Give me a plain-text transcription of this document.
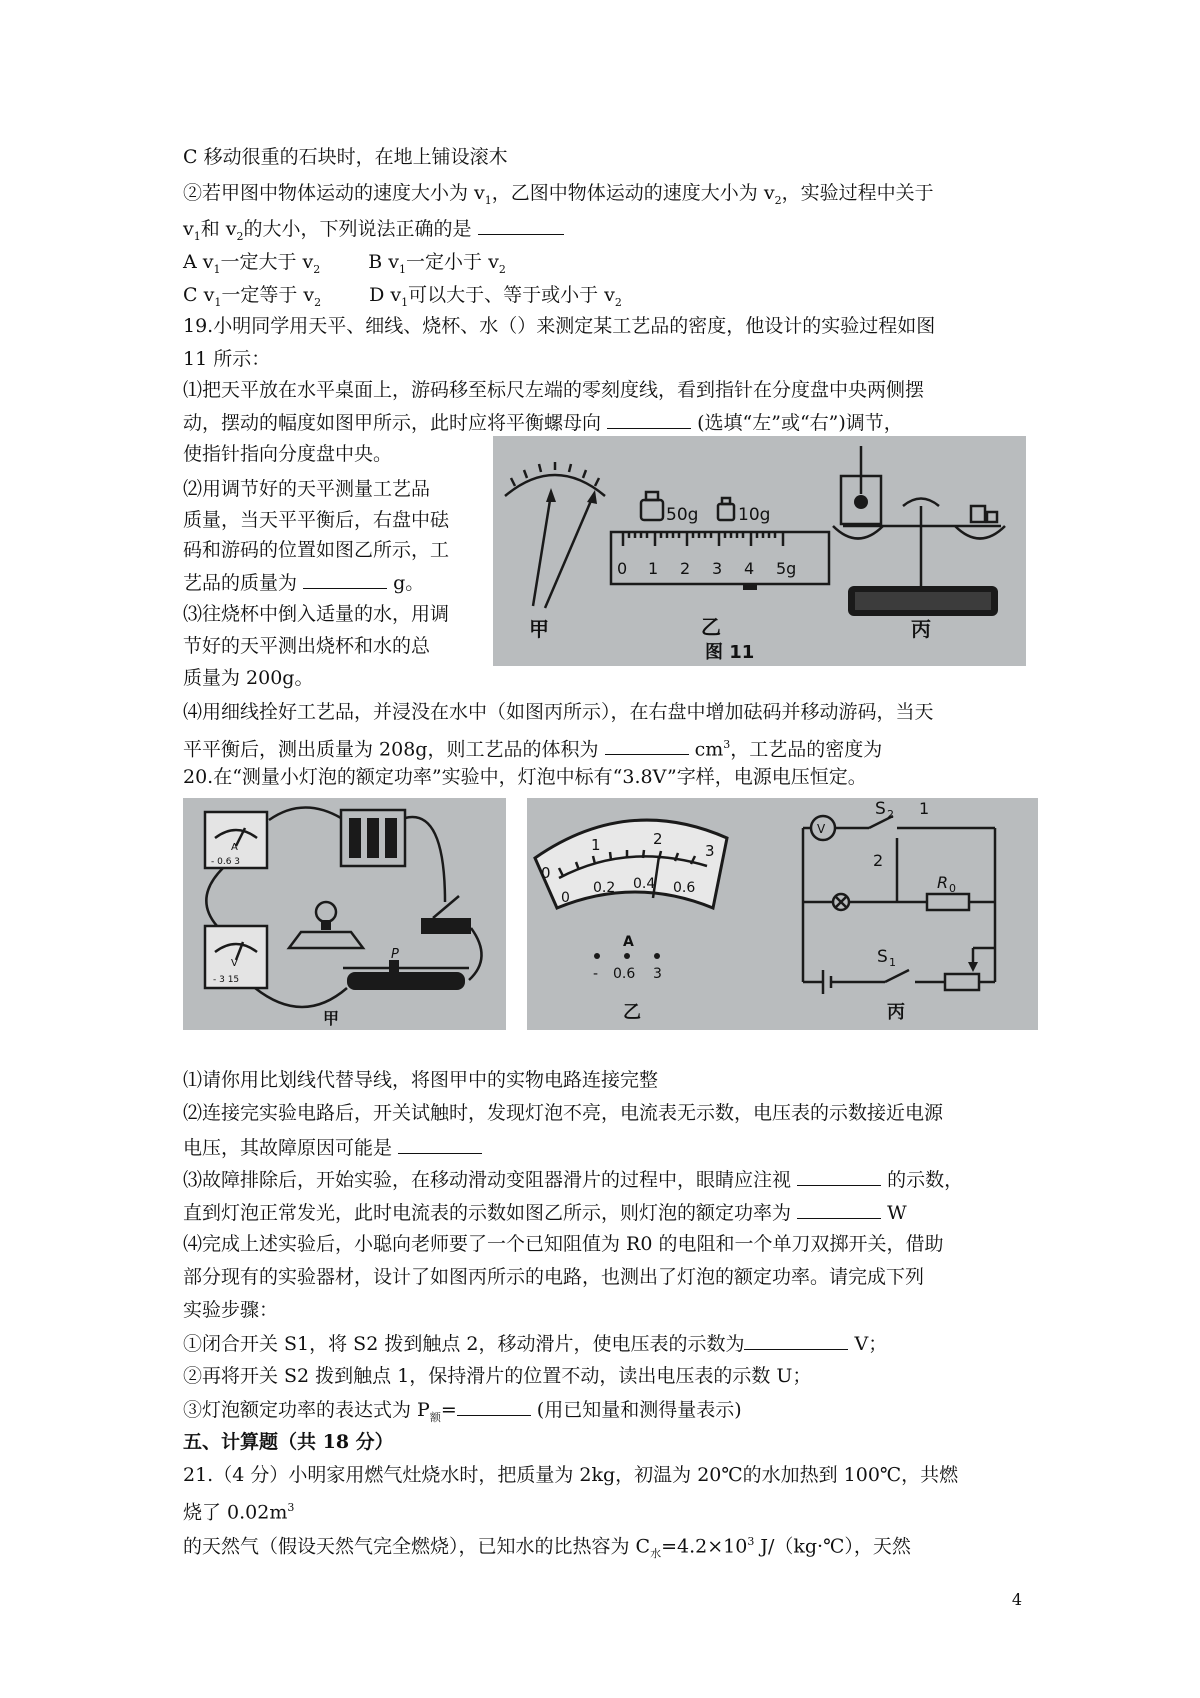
C 移动很重的石块时，在地上铺设滚木
②若甲图中物体运动的速度大小为 $v_1$，乙图中物体运动的速度大小为 $v_2$，实验过程中关于
$v_1$和 $v_2$的大小，下列说法正确的是
A $v_1$一定大于 $v_2$	B $v_1$一定小于 $v_2$
C $v_1$一定等于 $v_2$	D $v_1$可以大于、等于或小于 $v_2$
19.小明同学用天平、细线、烧杯、水（）来测定某工艺品的密度，他设计的实验过程如图
11 所示：
⑴把天平放在水平桌面上，游码移至标尺左端的零刻度线，看到指针在分度盘中央两侧摆
动，摆动的幅度如图甲所示，此时应将平衡螺母向	(选填“左”或“右”)调节，
使指针指向分度盘中央。
⑵用调节好的天平测量工艺品
质量，当天平平衡后，右盘中砝
码和游码的位置如图乙所示，工
艺品的质量为	g。
⑶往烧杯中倒入适量的水，用调
节好的天平测出烧杯和水的总
质量为 200g。
⑷用细线拴好工艺品，并浸没在水中（如图丙所示），在右盘中增加砝码并移动游码，当天
平平衡后，测出质量为 208g，则工艺品的体积为	$cm^3$，工艺品的密度为
20.在“测量小灯泡的额定功率”实验中，灯泡中标有“3.8V”字样，电源电压恒定。
⑴请你用比划线代替导线，将图甲中的实物电路连接完整
⑵连接完实验电路后，开关试触时，发现灯泡不亮，电流表无示数，电压表的示数接近电源
电压，其故障原因可能是
⑶故障排除后，开始实验，在移动滑动变阻器滑片的过程中，眼睛应注视	的示数，
直到灯泡正常发光，此时电流表的示数如图乙所示，则灯泡的额定功率为	W
⑷完成上述实验后，小聪向老师要了一个已知阻值为 R0 的电阻和一个单刀双掷开关，借助
部分现有的实验器材，设计了如图丙所示的电路，也测出了灯泡的额定功率。请完成下列
实验步骤：
①闭合开关 S1，将 S2 拨到触点 2，移动滑片，使电压表的示数为	V；
②再将开关 S2 拨到触点 1，保持滑片的位置不动，读出电压表的示数 U；
③灯泡额定功率的表达式为 $P_额=$	(用已知量和测得量表示)
五、计算题（共 18 分）
21.（4 分）小明家用燃气灶烧水时，把质量为 2kg，初温为 20℃的水加热到 100℃，共燃
烧了 $0.02m^3$
的天然气（假设天然气完全燃烧），已知水的比热容为 $C_水=4.2\times 10^3$ J/（kg·℃），天然
4
甲
50g 10g
0 1 2 3 4 5g
乙	丙
图 11
A
- 0.6 3
V
- 3 15
P
甲
0
1	2
3
0
0.2 0.4 0.6
A
- 0.6 3
乙
V
S 2 1
2
R 0
S 1
丙
